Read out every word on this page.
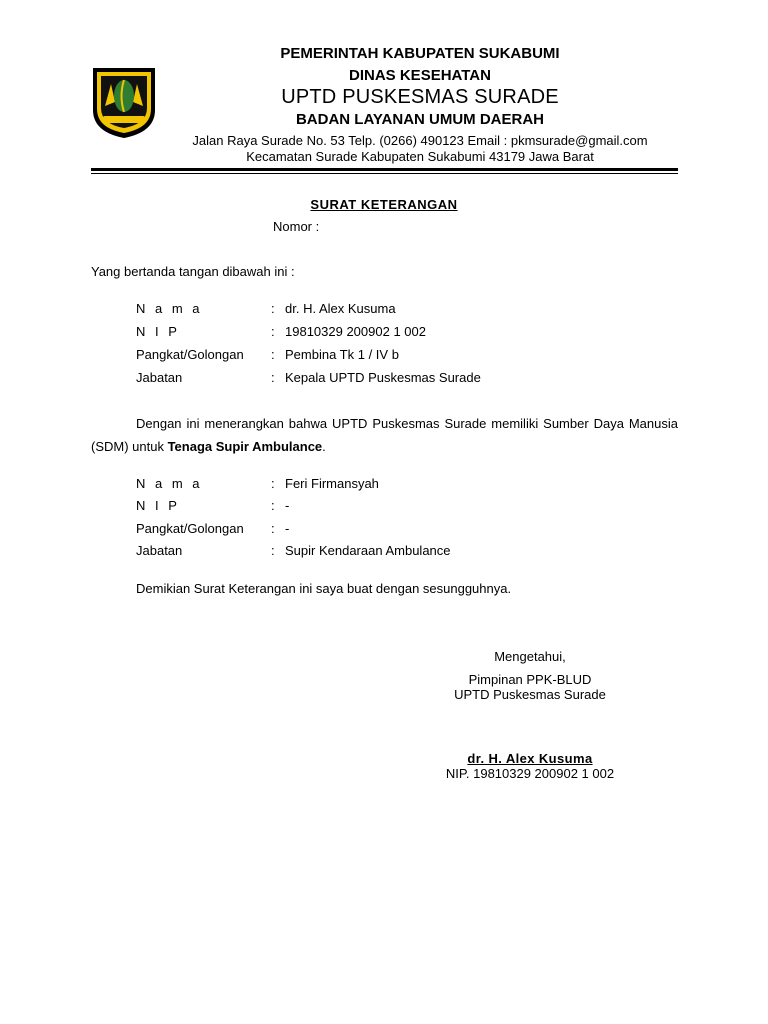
PEMERINTAH KABUPATEN SUKABUMI
DINAS KESEHATAN
UPTD PUSKESMAS SURADE
BADAN LAYANAN UMUM DAERAH
Jalan Raya Surade No. 53 Telp. (0266) 490123 Email : pkmsurade@gmail.com
Kecamatan Surade Kabupaten Sukabumi 43179 Jawa Barat
SURAT KETERANGAN
Nomor :
Yang bertanda tangan dibawah ini :
N a m a	: dr. H. Alex Kusuma
N I P	: 19810329 200902 1 002
Pangkat/Golongan	: Pembina Tk 1 / IV b
Jabatan	: Kepala UPTD Puskesmas Surade
Dengan ini menerangkan bahwa UPTD Puskesmas Surade memiliki Sumber Daya Manusia (SDM) untuk Tenaga Supir Ambulance.
N a m a	: Feri Firmansyah
N I P	: -
Pangkat/Golongan	: -
Jabatan	: Supir Kendaraan Ambulance
Demikian Surat Keterangan ini saya buat dengan sesungguhnya.
Mengetahui,
Pimpinan PPK-BLUD
UPTD Puskesmas Surade
dr. H. Alex Kusuma
NIP. 19810329 200902 1 002
